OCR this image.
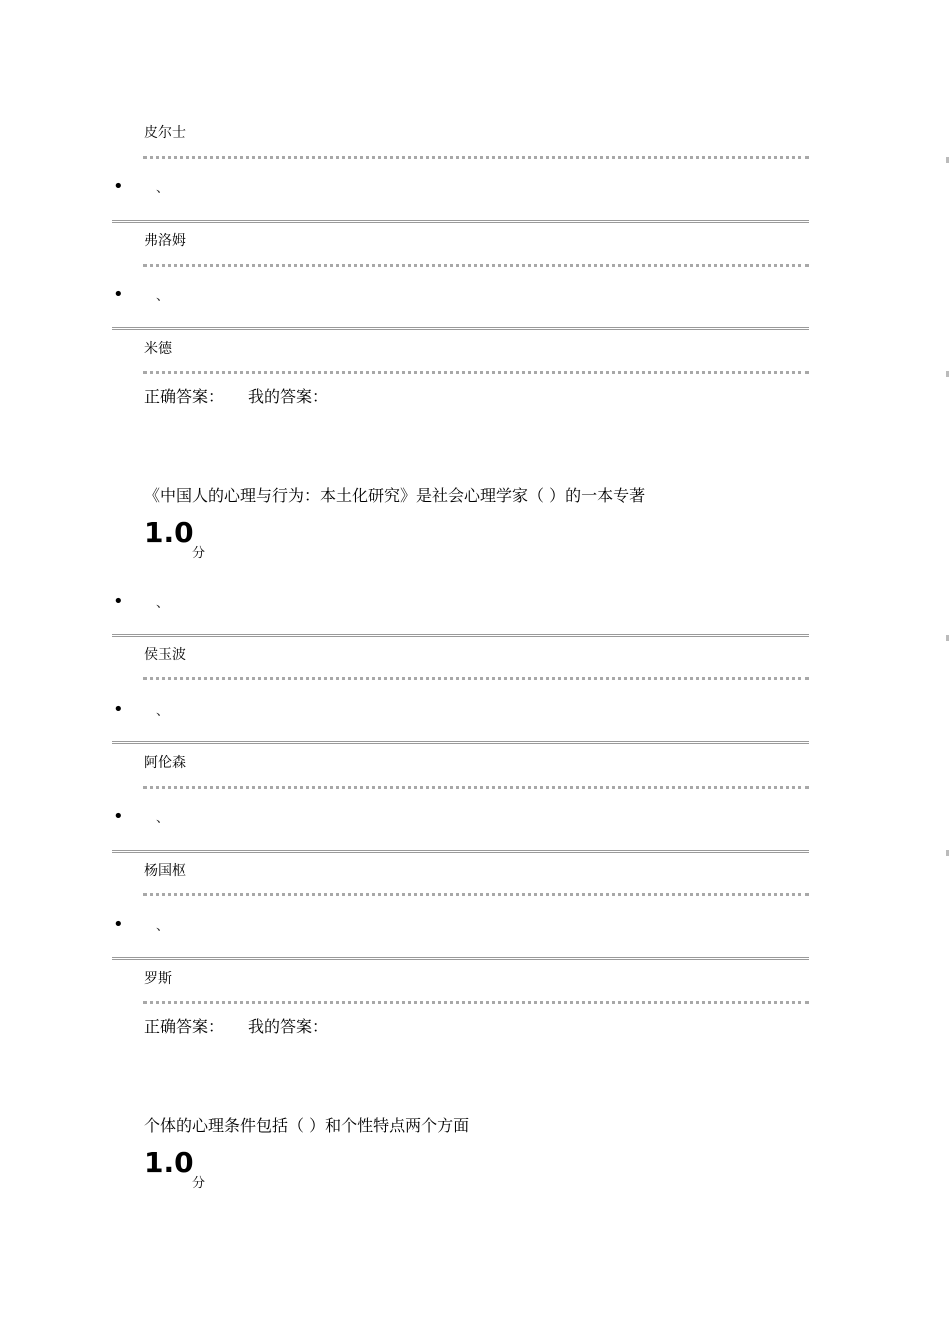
皮尔士
• 、
弗洛姆
• 、
米德
正确答案： 我的答案：
《中国人的心理与行为：本土化研究》是社会心理学家（ ）的一本专著
1.0
分
• 、
侯玉波
• 、
阿伦森
• 、
杨国枢
• 、
罗斯
正确答案： 我的答案：
个体的心理条件包括（ ）和个性特点两个方面
1.0
分
